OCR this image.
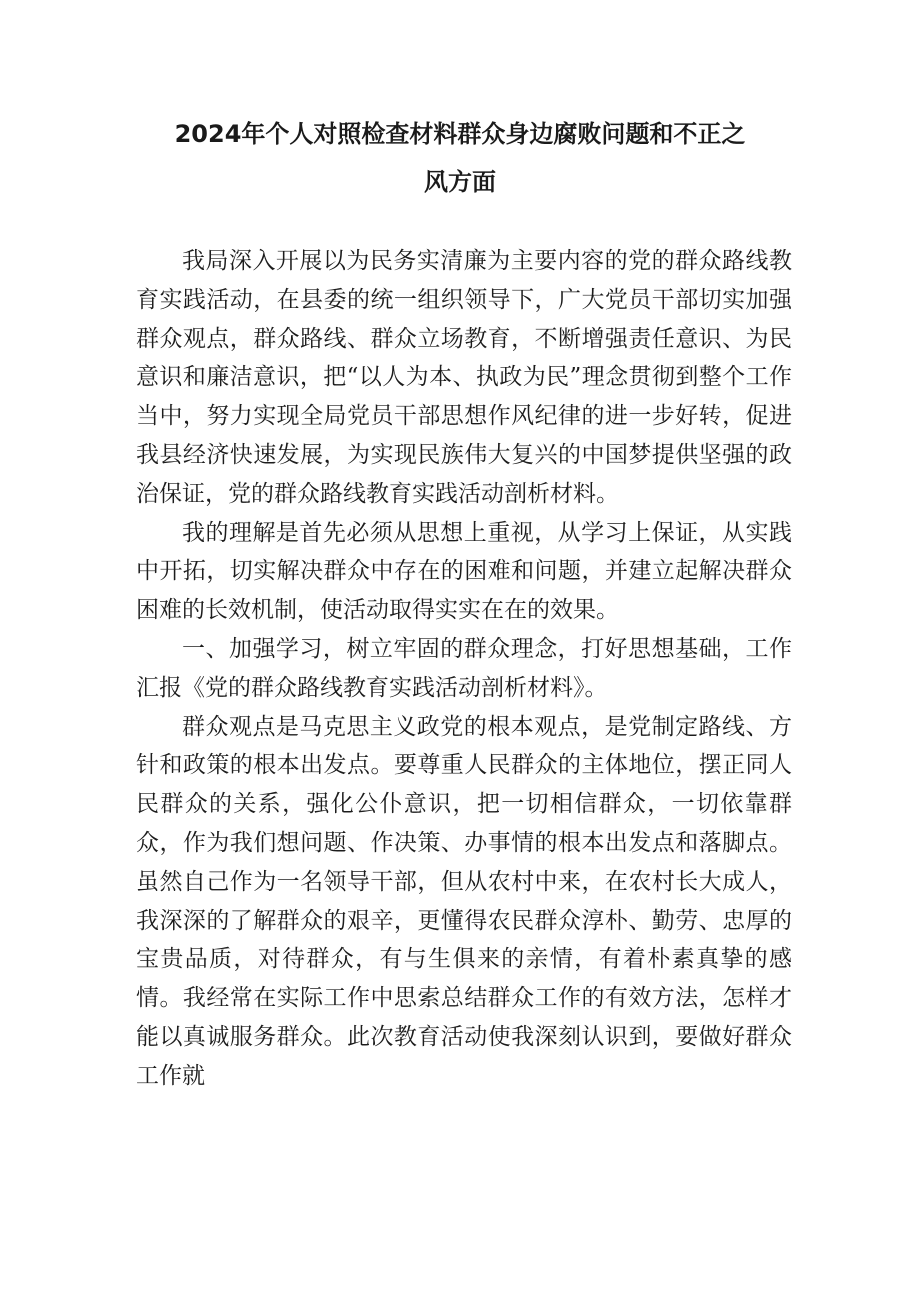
2024年个人对照检查材料群众身边腐败问题和不正之
风方面

我局深入开展以为民务实清廉为主要内容的党的群众路线教育实践活动，在县委的统一组织领导下，广大党员干部切实加强群众观点，群众路线、群众立场教育，不断增强责任意识、为民意识和廉洁意识，把“以人为本、执政为民”理念贯彻到整个工作当中，努力实现全局党员干部思想作风纪律的进一步好转，促进我县经济快速发展，为实现民族伟大复兴的中国梦提供坚强的政治保证，党的群众路线教育实践活动剖析材料。

我的理解是首先必须从思想上重视，从学习上保证，从实践中开拓，切实解决群众中存在的困难和问题，并建立起解决群众困难的长效机制，使活动取得实实在在的效果。

一、加强学习，树立牢固的群众理念，打好思想基础，工作汇报《党的群众路线教育实践活动剖析材料》。

群众观点是马克思主义政党的根本观点，是党制定路线、方针和政策的根本出发点。要尊重人民群众的主体地位，摆正同人民群众的关系，强化公仆意识，把一切相信群众，一切依靠群众，作为我们想问题、作决策、办事情的根本出发点和落脚点。虽然自己作为一名领导干部，但从农村中来，在农村长大成人，我深深的了解群众的艰辛，更懂得农民群众淳朴、勤劳、忠厚的宝贵品质，对待群众，有与生俱来的亲情，有着朴素真挚的感情。我经常在实际工作中思索总结群众工作的有效方法，怎样才能以真诚服务群众。此次教育活动使我深刻认识到，要做好群众工作就
